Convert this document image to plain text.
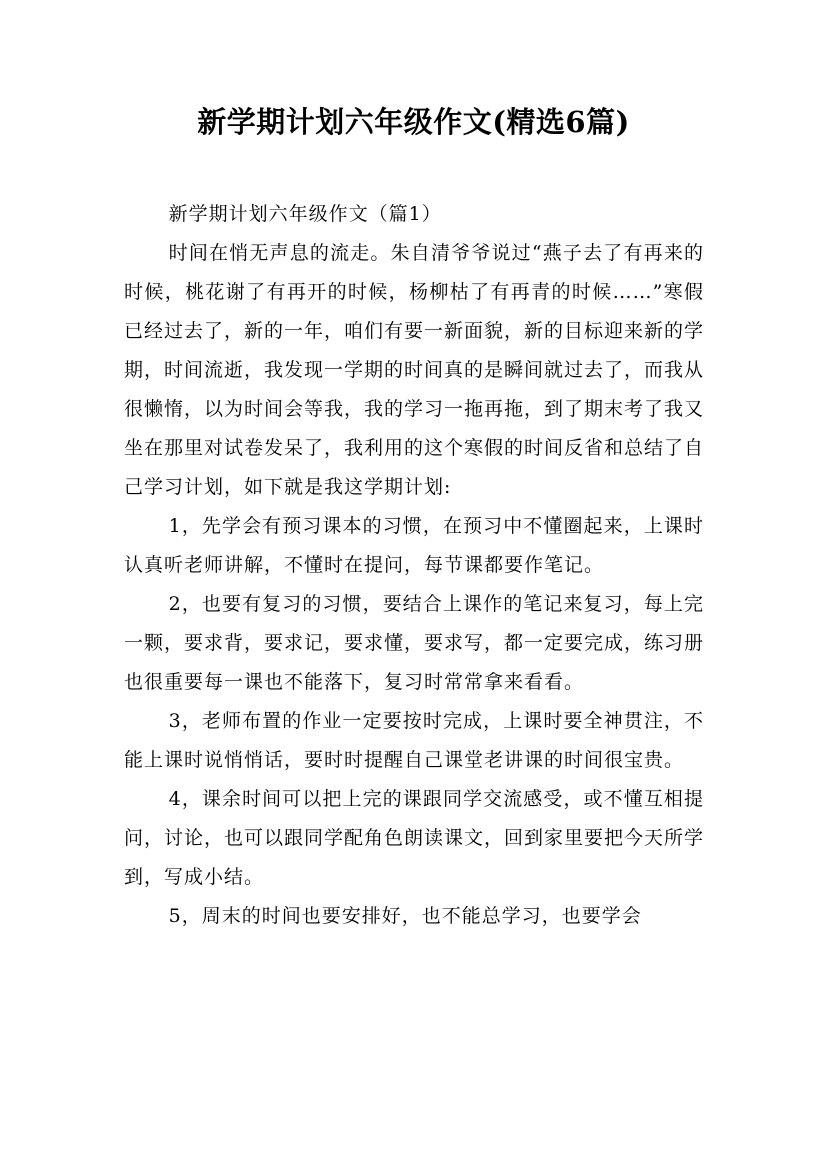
新学期计划六年级作文(精选6篇)

新学期计划六年级作文（篇1）

时间在悄无声息的流走。朱自清爷爷说过“燕子去了有再来的时候，桃花谢了有再开的时候，杨柳枯了有再青的时候……”寒假已经过去了，新的一年，咱们有要一新面貌，新的目标迎来新的学期，时间流逝，我发现一学期的时间真的是瞬间就过去了，而我从很懒惰，以为时间会等我，我的学习一拖再拖，到了期末考了我又坐在那里对试卷发呆了，我利用的这个寒假的时间反省和总结了自己学习计划，如下就是我这学期计划:

1，先学会有预习课本的习惯，在预习中不懂圈起来，上课时认真听老师讲解，不懂时在提问，每节课都要作笔记。

2，也要有复习的习惯，要结合上课作的笔记来复习，每上完一颗，要求背，要求记，要求懂，要求写，都一定要完成，练习册也很重要每一课也不能落下，复习时常常拿来看看。

3，老师布置的作业一定要按时完成，上课时要全神贯注，不能上课时说悄悄话，要时时提醒自己课堂老讲课的时间很宝贵。

4，课余时间可以把上完的课跟同学交流感受，或不懂互相提问，讨论，也可以跟同学配角色朗读课文，回到家里要把今天所学到，写成小结。

5，周末的时间也要安排好，也不能总学习，也要学会
